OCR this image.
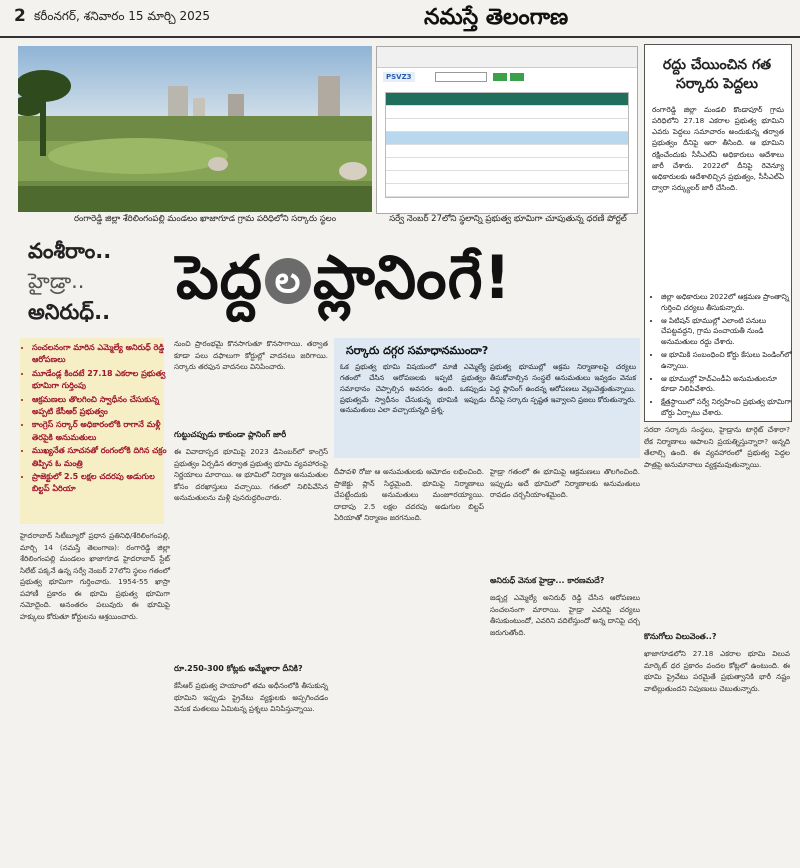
2 కరీంనగర్, శనివారం 15 మార్చి 2025	నమస్తే తెలంగాణ
రంగారెడ్డి జిల్లా శేరిలింగంపల్లి మండలం ఖాజాగూడ గ్రామ పరిధిలోని సర్కారు స్థలం
PSVZ3
సర్వే నెంబర్ 27లోని స్థలాన్ని ప్రభుత్వ భూమిగా చూపుతున్న ధరణి పోర్టల్
రద్దు చేయించిన గత సర్కారు పెద్దలు
రంగారెడ్డి జిల్లా మండలి కొండాపూర్ గ్రామ పరిధిలోని 27.18 ఎకరాల ప్రభుత్వ భూమిని ఎవరు పెద్దలు సమాచారం అందుకున్న తర్వాత ప్రభుత్వం దీనిపై ఆరా తీసింది. ఆ భూమిని రక్షించేందుకు సీసీఎల్ఏ అధికారులు ఆదేశాలు జారీ చేశారు. 2022లో దీనిపై రెవెన్యూ అధికారులకు ఆదేశాలిచ్చిన ప్రభుత్వం, సీసీఎల్ఏ ద్వారా సర్క్యులర్ జారీ చేసింది.
• జిల్లా అధికారులు 2022లో ఆక్రమణ ప్రాంతాన్ని గుర్తించి చర్యలు తీసుకున్నారు.
• ఆ పిటిషన్ భూముల్లో ఎలాంటి పనులు చేపట్టవద్దని, గ్రామ పంచాయతీ నుండి అనుమతులు రద్దు చేశారు.
• ఆ భూమికి సంబంధించి కోర్టు కేసులు పెండింగ్‌లో ఉన్నాయి.
• ఆ భూముల్లో హెచ్ఎండీఏ అనుమతులనూ కూడా నిలిపివేశారు.
• క్షేత్రస్థాయిలో సర్వే నిర్వహించి ప్రభుత్వ భూమిగా బోర్డు ఏర్పాటు చేశారు.
వంశీరాం..
హైడ్రా..
అనిరుధ్..	పెద్ద ల ప్లానింగే!
• సంచలనంగా మారిన ఎమ్మెల్యే అనిరుధ్ రెడ్డి ఆరోపణలు
• మూడేండ్ల కిందటే 27.18 ఎకరాల ప్రభుత్వ భూమిగా గుర్తింపు
• ఆక్రమణలు తొలగించి స్వాధీనం చేసుకున్న అప్పటి కేసీఆర్ ప్రభుత్వం
• కాంగ్రెస్ సర్కార్ అధికారంలోకి రాగానే మళ్లీ తెరపైకి అనుమతులు
• ముఖ్యనేత సూచనతో రంగంలోకి దిగిన చక్రం తిప్పిన ఓ మంత్రి
• ప్రాజెక్టులో 2.5 లక్షల చదరపు అడుగుల బిల్టప్ ఏరియా
హైదరాబాద్ సిటీబ్యూరో ప్రధాన ప్రతినిధి/శేరిలింగంపల్లి, మార్చి 14 (నమస్తే తెలంగాణ): రంగారెడ్డి జిల్లా శేరిలింగంపల్లి మండలం ఖాజాగూడ హైదరాబాద్ స్టేట్ సిలేట్ పక్కనే ఉన్న సర్వే నెంబర్ 27లోని స్థలం గతంలో ప్రభుత్వ భూమిగా గుర్తించారు. 1954-55 ఖాస్రా పహాణీ ప్రకారం ఈ భూమి ప్రభుత్వ భూమిగా నమోదైంది. అనంతరం పలువురు ఈ భూమిపై హక్కులు కోరుతూ కోర్టులను ఆశ్రయించారు.
నుంచి ప్రారంభమై కొనసాగుతూ కొనసాగాయి. తర్వాత కూడా పలు దఫాలుగా కోర్టుల్లో వాదనలు జరిగాయి. సర్కారు తరఫున వాదనలు వినిపించారు.
గుట్టుచప్పుడు కాకుండా ప్లానింగ్ జారీ
ఈ వివాదాస్పద భూమిపై 2023 డిసెంబర్‌లో కాంగ్రెస్ ప్రభుత్వం ఏర్పడిన తర్వాత ప్రభుత్వ భూమి వ్యవహారంపై నిర్ణయాలు మారాయి. ఆ భూమిలో నిర్మాణ అనుమతుల కోసం దరఖాస్తులు వచ్చాయి. గతంలో నిలిపివేసిన అనుమతులను మళ్లీ పునరుద్ధరించారు.
రూ.250-300 కోట్లకు అమ్మేశారా దీనికి?
కేసీఆర్ ప్రభుత్వ హయాంలో తమ అధీనంలోకి తీసుకున్న భూమిని ఇప్పుడు ప్రైవేటు వ్యక్తులకు అప్పగించడం వెనుక మతలబు ఏమిటన్న ప్రశ్నలు వినిపిస్తున్నాయి.
సర్కారు దగ్గర సమాధానముందా?
ఓక ప్రభుత్వ భూమి విషయంలో మాజీ ఎమ్మెల్యే గతంలో చేసిన ఆరోపణలకు ఇప్పటి ప్రభుత్వం సమాధానం చెప్పాల్సిన అవసరం ఉంది. ఒకప్పుడు ప్రభుత్వమే స్వాధీనం చేసుకున్న భూమికి ఇప్పుడు అనుమతులు ఎలా వచ్చాయన్నది ప్రశ్న.
ప్రభుత్వ భూముల్లో అక్రమ నిర్మాణాలపై చర్యలు తీసుకోవాల్సిన సంస్థలే అనుమతులు ఇవ్వడం వెనుక పెద్ద ప్లానింగ్ ఉందన్న ఆరోపణలు వెల్లువెత్తుతున్నాయి. దీనిపై సర్కారు స్పష్టత ఇవ్వాలని ప్రజలు కోరుతున్నారు.
దీపావళి రోజు ఆ అనుమతులకు ఆమోదం లభించింది. ప్రాజెక్టు ప్లాన్ సిద్ధమైంది. భూమిపై నిర్మాణాలు చేపట్టేందుకు అనుమతులు మంజూరయ్యాయి. దాదాపు 2.5 లక్షల చదరపు అడుగుల బిల్టప్ ఏరియాతో నిర్మాణం జరగనుంది.
హైడ్రా గతంలో ఈ భూమిపై ఆక్రమణలు తొలగించింది. ఇప్పుడు అదే భూమిలో నిర్మాణాలకు అనుమతులు రావడం చర్చనీయాంశమైంది.
అనిరుధ్ వెనుక హైడ్రా... కారణమదే?
జడ్చర్ల ఎమ్మెల్యే అనిరుధ్ రెడ్డి చేసిన ఆరోపణలు సంచలనంగా మారాయి. హైడ్రా ఎవరిపై చర్యలు తీసుకుంటుందో, ఎవరిని వదిలేస్తుందో అన్న దానిపై చర్చ జరుగుతోంది.
సరదా సర్కారు సంస్థలు, హైడ్రాను టార్గెట్ చేశారా? లేక నిర్మాణాలు ఆపాలని ప్రయత్నిస్తున్నారా? అన్నది తేలాల్సి ఉంది. ఈ వ్యవహారంలో ప్రభుత్వ పెద్దల పాత్రపై అనుమానాలు వ్యక్తమవుతున్నాయి.
కొనుగోలు విలువెంత..?
ఖాజాగూడలోని 27.18 ఎకరాల భూమి విలువ మార్కెట్ ధర ప్రకారం వందల కోట్లలో ఉంటుంది. ఈ భూమి ప్రైవేటు పరమైతే ప్రభుత్వానికి భారీ నష్టం వాటిల్లుతుందని నిపుణులు చెబుతున్నారు.
